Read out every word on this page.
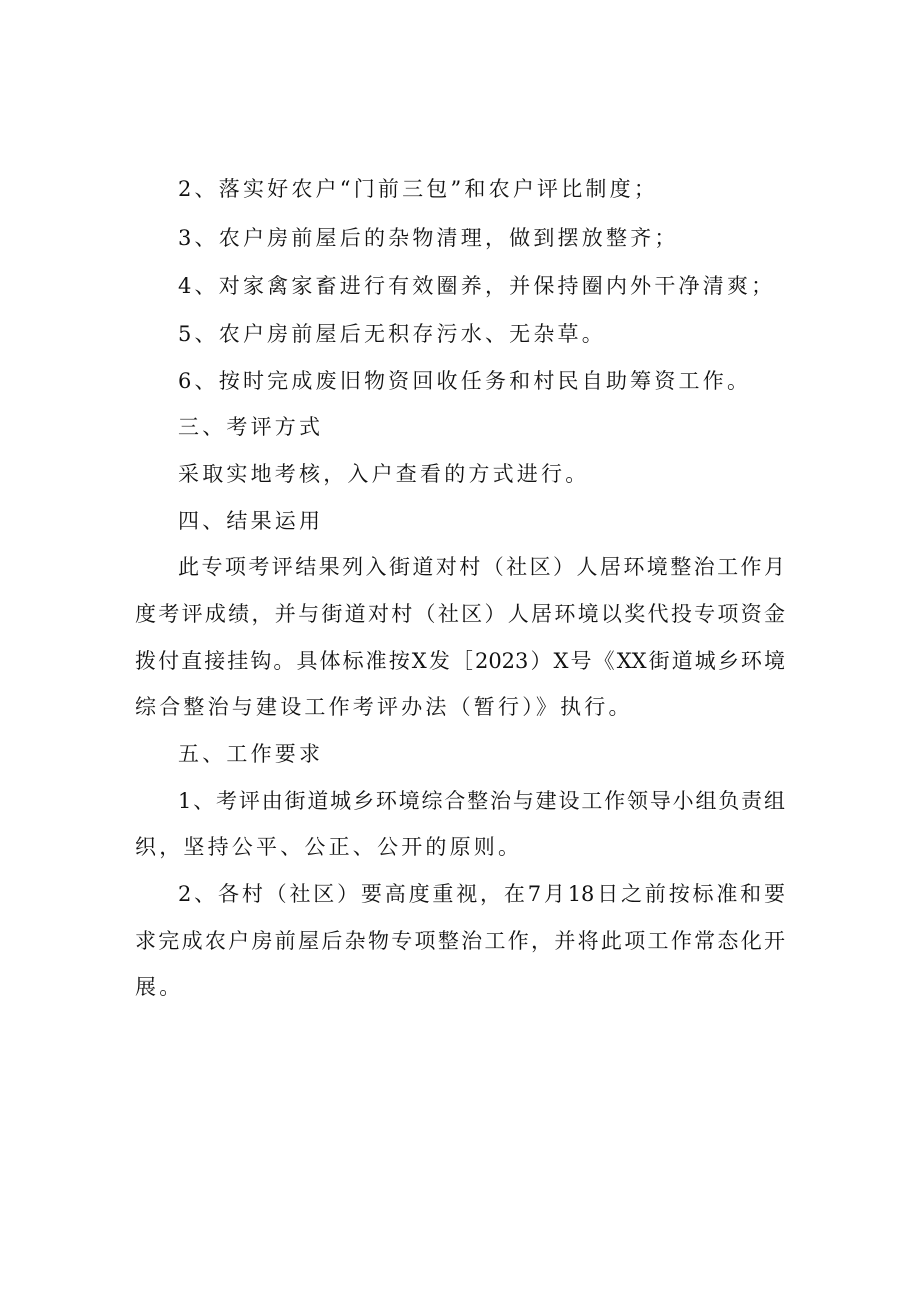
2、落实好农户“门前三包”和农户评比制度；
3、农户房前屋后的杂物清理，做到摆放整齐；
4、对家禽家畜进行有效圈养，并保持圈内外干净清爽；
5、农户房前屋后无积存污水、无杂草。
6、按时完成废旧物资回收任务和村民自助筹资工作。
三、考评方式
采取实地考核，入户查看的方式进行。
四、结果运用
此专项考评结果列入街道对村（社区）人居环境整治工作月
度考评成绩，并与街道对村（社区）人居环境以奖代投专项资金
拨付直接挂钩。具体标准按X发［2023）X号《XX街道城乡环境
综合整治与建设工作考评办法（暂行）》执行。
五、工作要求
1、考评由街道城乡环境综合整治与建设工作领导小组负责组
织，坚持公平、公正、公开的原则。
2、各村（社区）要高度重视，在7月18日之前按标准和要
求完成农户房前屋后杂物专项整治工作，并将此项工作常态化开
展。
